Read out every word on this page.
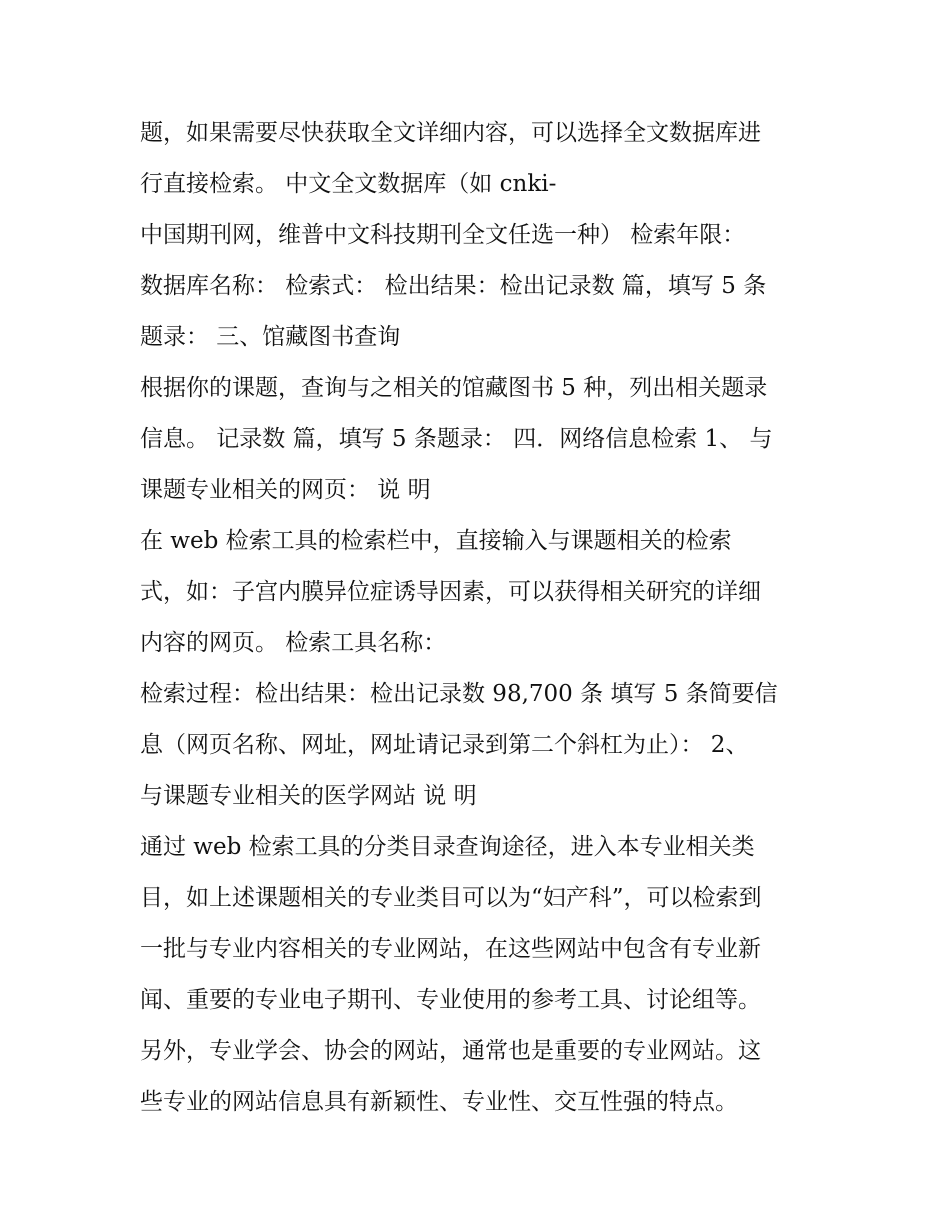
题，如果需要尽快获取全文详细内容，可以选择全文数据库进
行直接检索。 中文全文数据库（如 cnki-
中国期刊网，维普中文科技期刊全文任选一种） 检索年限：
数据库名称： 检索式： 检出结果：检出记录数 篇，填写 5 条
题录： 三、馆藏图书查询
根据你的课题，查询与之相关的馆藏图书 5 种，列出相关题录
信息。 记录数 篇，填写 5 条题录： 四．网络信息检索 1、 与
课题专业相关的网页： 说 明
在 web 检索工具的检索栏中，直接输入与课题相关的检索
式，如：子宫内膜异位症诱导因素，可以获得相关研究的详细
内容的网页。 检索工具名称：
检索过程：检出结果：检出记录数 98,700 条 填写 5 条简要信
息（网页名称、网址，网址请记录到第二个斜杠为止）： 2、
与课题专业相关的医学网站 说 明
通过 web 检索工具的分类目录查询途径，进入本专业相关类
目，如上述课题相关的专业类目可以为“妇产科”，可以检索到
一批与专业内容相关的专业网站，在这些网站中包含有专业新
闻、重要的专业电子期刊、专业使用的参考工具、讨论组等。
另外，专业学会、协会的网站，通常也是重要的专业网站。这
些专业的网站信息具有新颖性、专业性、交互性强的特点。
